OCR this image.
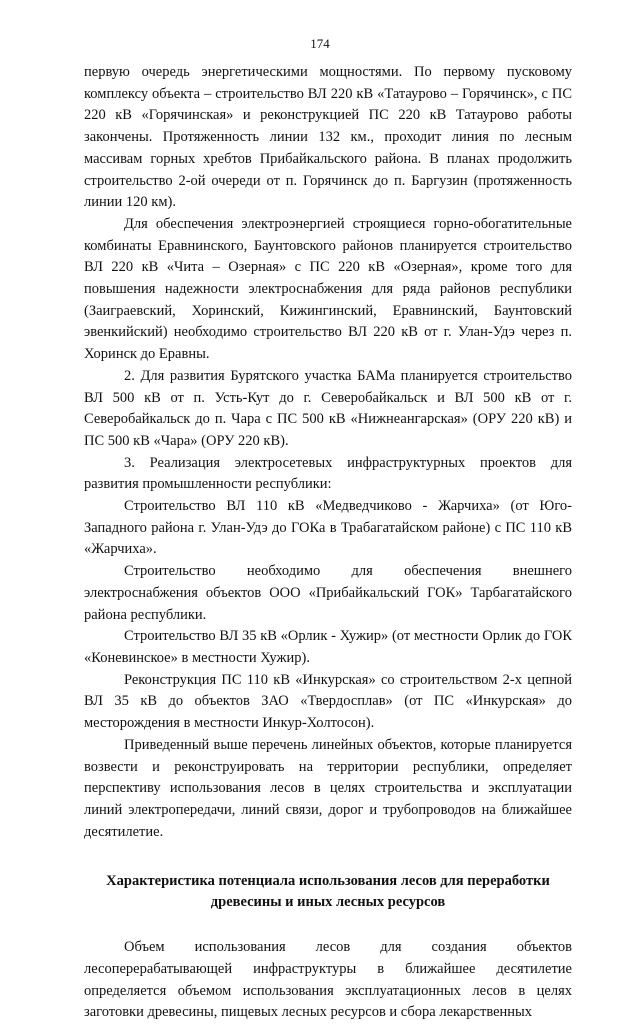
174

первую очередь энергетическими мощностями. По первому пусковому комплексу объекта – строительство ВЛ 220 кВ «Татаурово – Горячинск», с ПС 220 кВ «Горячинская» и реконструкцией ПС 220 кВ Татаурово работы закончены. Протяженность линии 132 км., проходит линия по лесным массивам горных хребтов Прибайкальского района. В планах продолжить строительство 2-ой очереди от п. Горячинск до п. Баргузин (протяженность линии 120 км).

Для обеспечения электроэнергией строящиеся горно-обогатительные комбинаты Еравнинского, Баунтовского районов планируется строительство ВЛ 220 кВ «Чита – Озерная» с ПС 220 кВ «Озерная», кроме того для повышения надежности электроснабжения для ряда районов республики (Заиграевский, Хоринский, Кижингинский, Еравнинский, Баунтовский эвенкийский) необходимо строительство ВЛ 220 кВ от г. Улан-Удэ через п. Хоринск до Еравны.

2. Для развития Бурятского участка БАМа планируется строительство ВЛ 500 кВ от п. Усть-Кут до г. Северобайкальск и ВЛ 500 кВ от г. Северобайкальск до п. Чара с ПС 500 кВ «Нижнеангарская» (ОРУ 220 кВ) и ПС 500 кВ «Чара» (ОРУ 220 кВ).

3. Реализация электросетевых инфраструктурных проектов для развития промышленности республики:

Строительство ВЛ 110 кВ «Медведчиково - Жарчиха» (от Юго-Западного района г. Улан-Удэ до ГОКа в Трабагатайском районе) с ПС 110 кВ «Жарчиха».

Строительство необходимо для обеспечения внешнего электроснабжения объектов ООО «Прибайкальский ГОК» Тарбагатайского района республики.

Строительство ВЛ 35 кВ «Орлик - Хужир» (от местности Орлик до ГОК «Коневинское» в местности Хужир).

Реконструкция ПС 110 кВ «Инкурская» со строительством 2-х цепной ВЛ 35 кВ до объектов ЗАО «Твердосплав» (от ПС «Инкурская» до месторождения в местности Инкур-Холтосон).

Приведенный выше перечень линейных объектов, которые планируется возвести и реконструировать на территории республики, определяет перспективу использования лесов в целях строительства и эксплуатации линий электропередачи, линий связи, дорог и трубопроводов на ближайшее десятилетие.

Характеристика потенциала использования лесов для переработки древесины и иных лесных ресурсов

Объем использования лесов для создания объектов лесоперерабатывающей инфраструктуры в ближайшее десятилетие определяется объемом использования эксплуатационных лесов в целях заготовки древесины, пищевых лесных ресурсов и сбора лекарственных
